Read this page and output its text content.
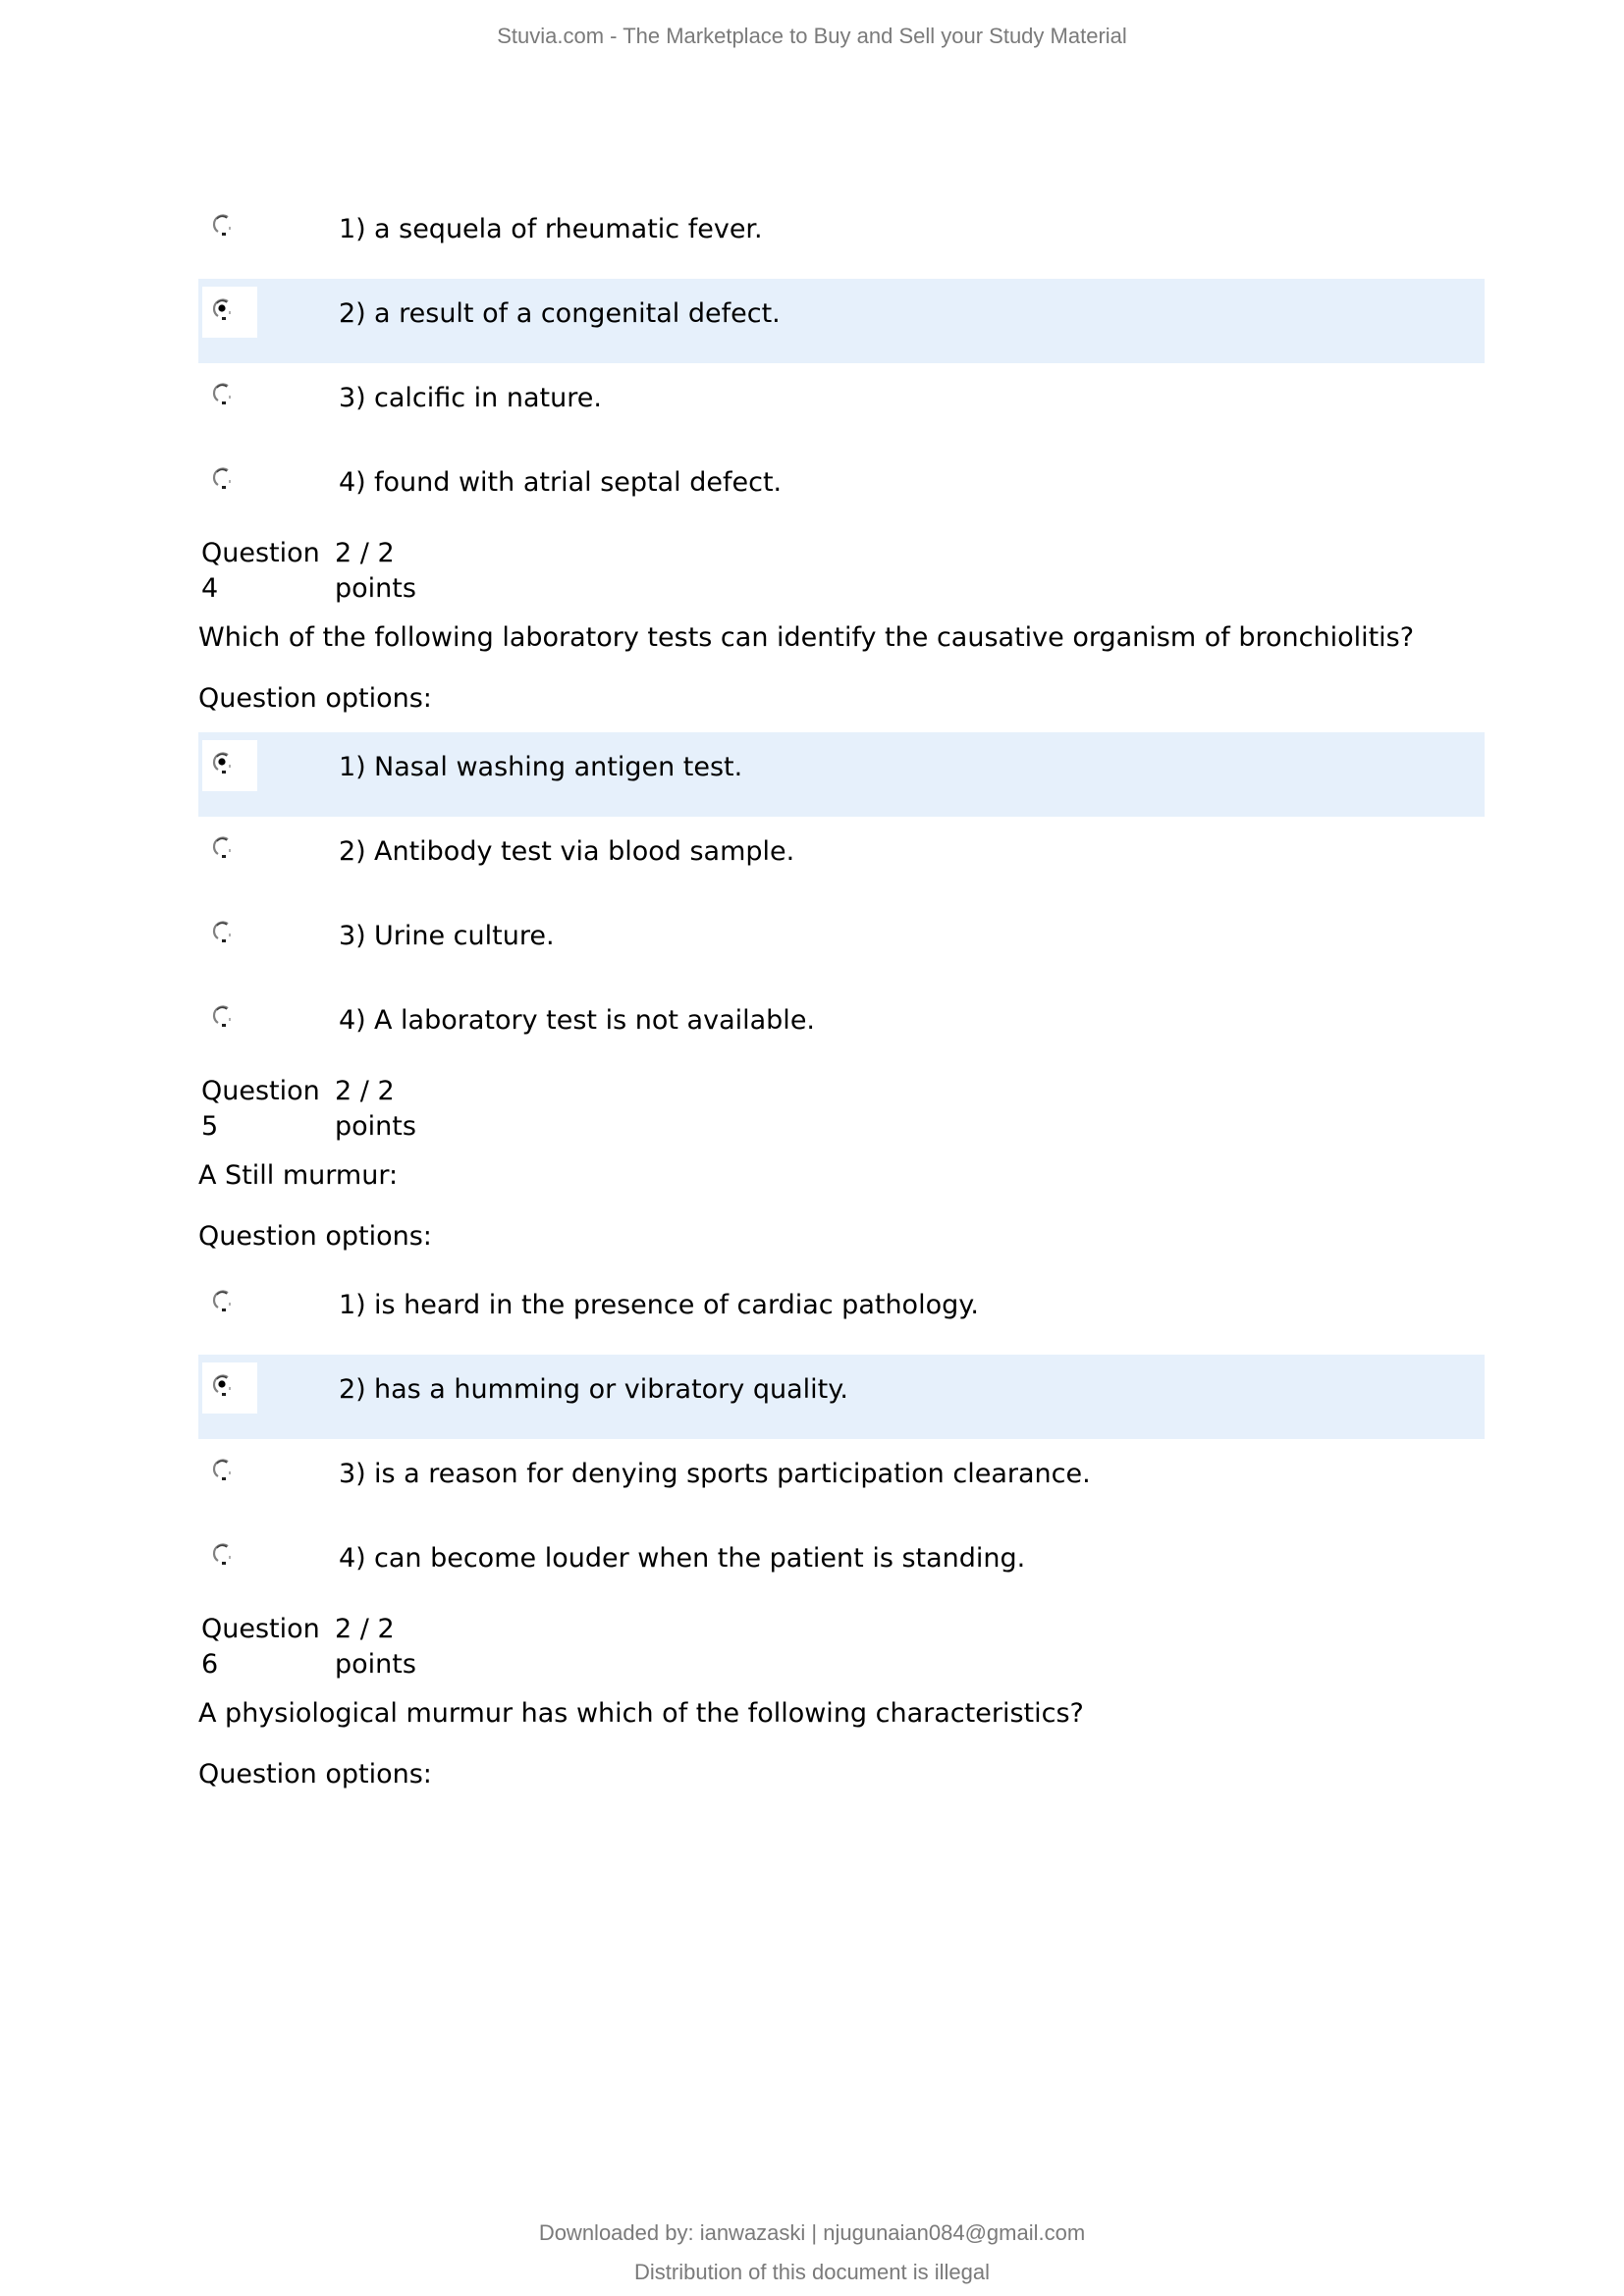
Stuvia.com - The Marketplace to Buy and Sell your Study Material
1) a sequela of rheumatic fever.
2) a result of a congenital defect.
3) calcific in nature.
4) found with atrial septal defect.
Question
4
2 / 2
points
Which of the following laboratory tests can identify the causative organism of bronchiolitis?
Question options:
1) Nasal washing antigen test.
2) Antibody test via blood sample.
3) Urine culture.
4) A laboratory test is not available.
Question
5
2 / 2
points
A Still murmur:
Question options:
1) is heard in the presence of cardiac pathology.
2) has a humming or vibratory quality.
3) is a reason for denying sports participation clearance.
4) can become louder when the patient is standing.
Question
6
2 / 2
points
A physiological murmur has which of the following characteristics?
Question options:
Downloaded by: ianwazaski | njugunaian084@gmail.com
Distribution of this document is illegal
